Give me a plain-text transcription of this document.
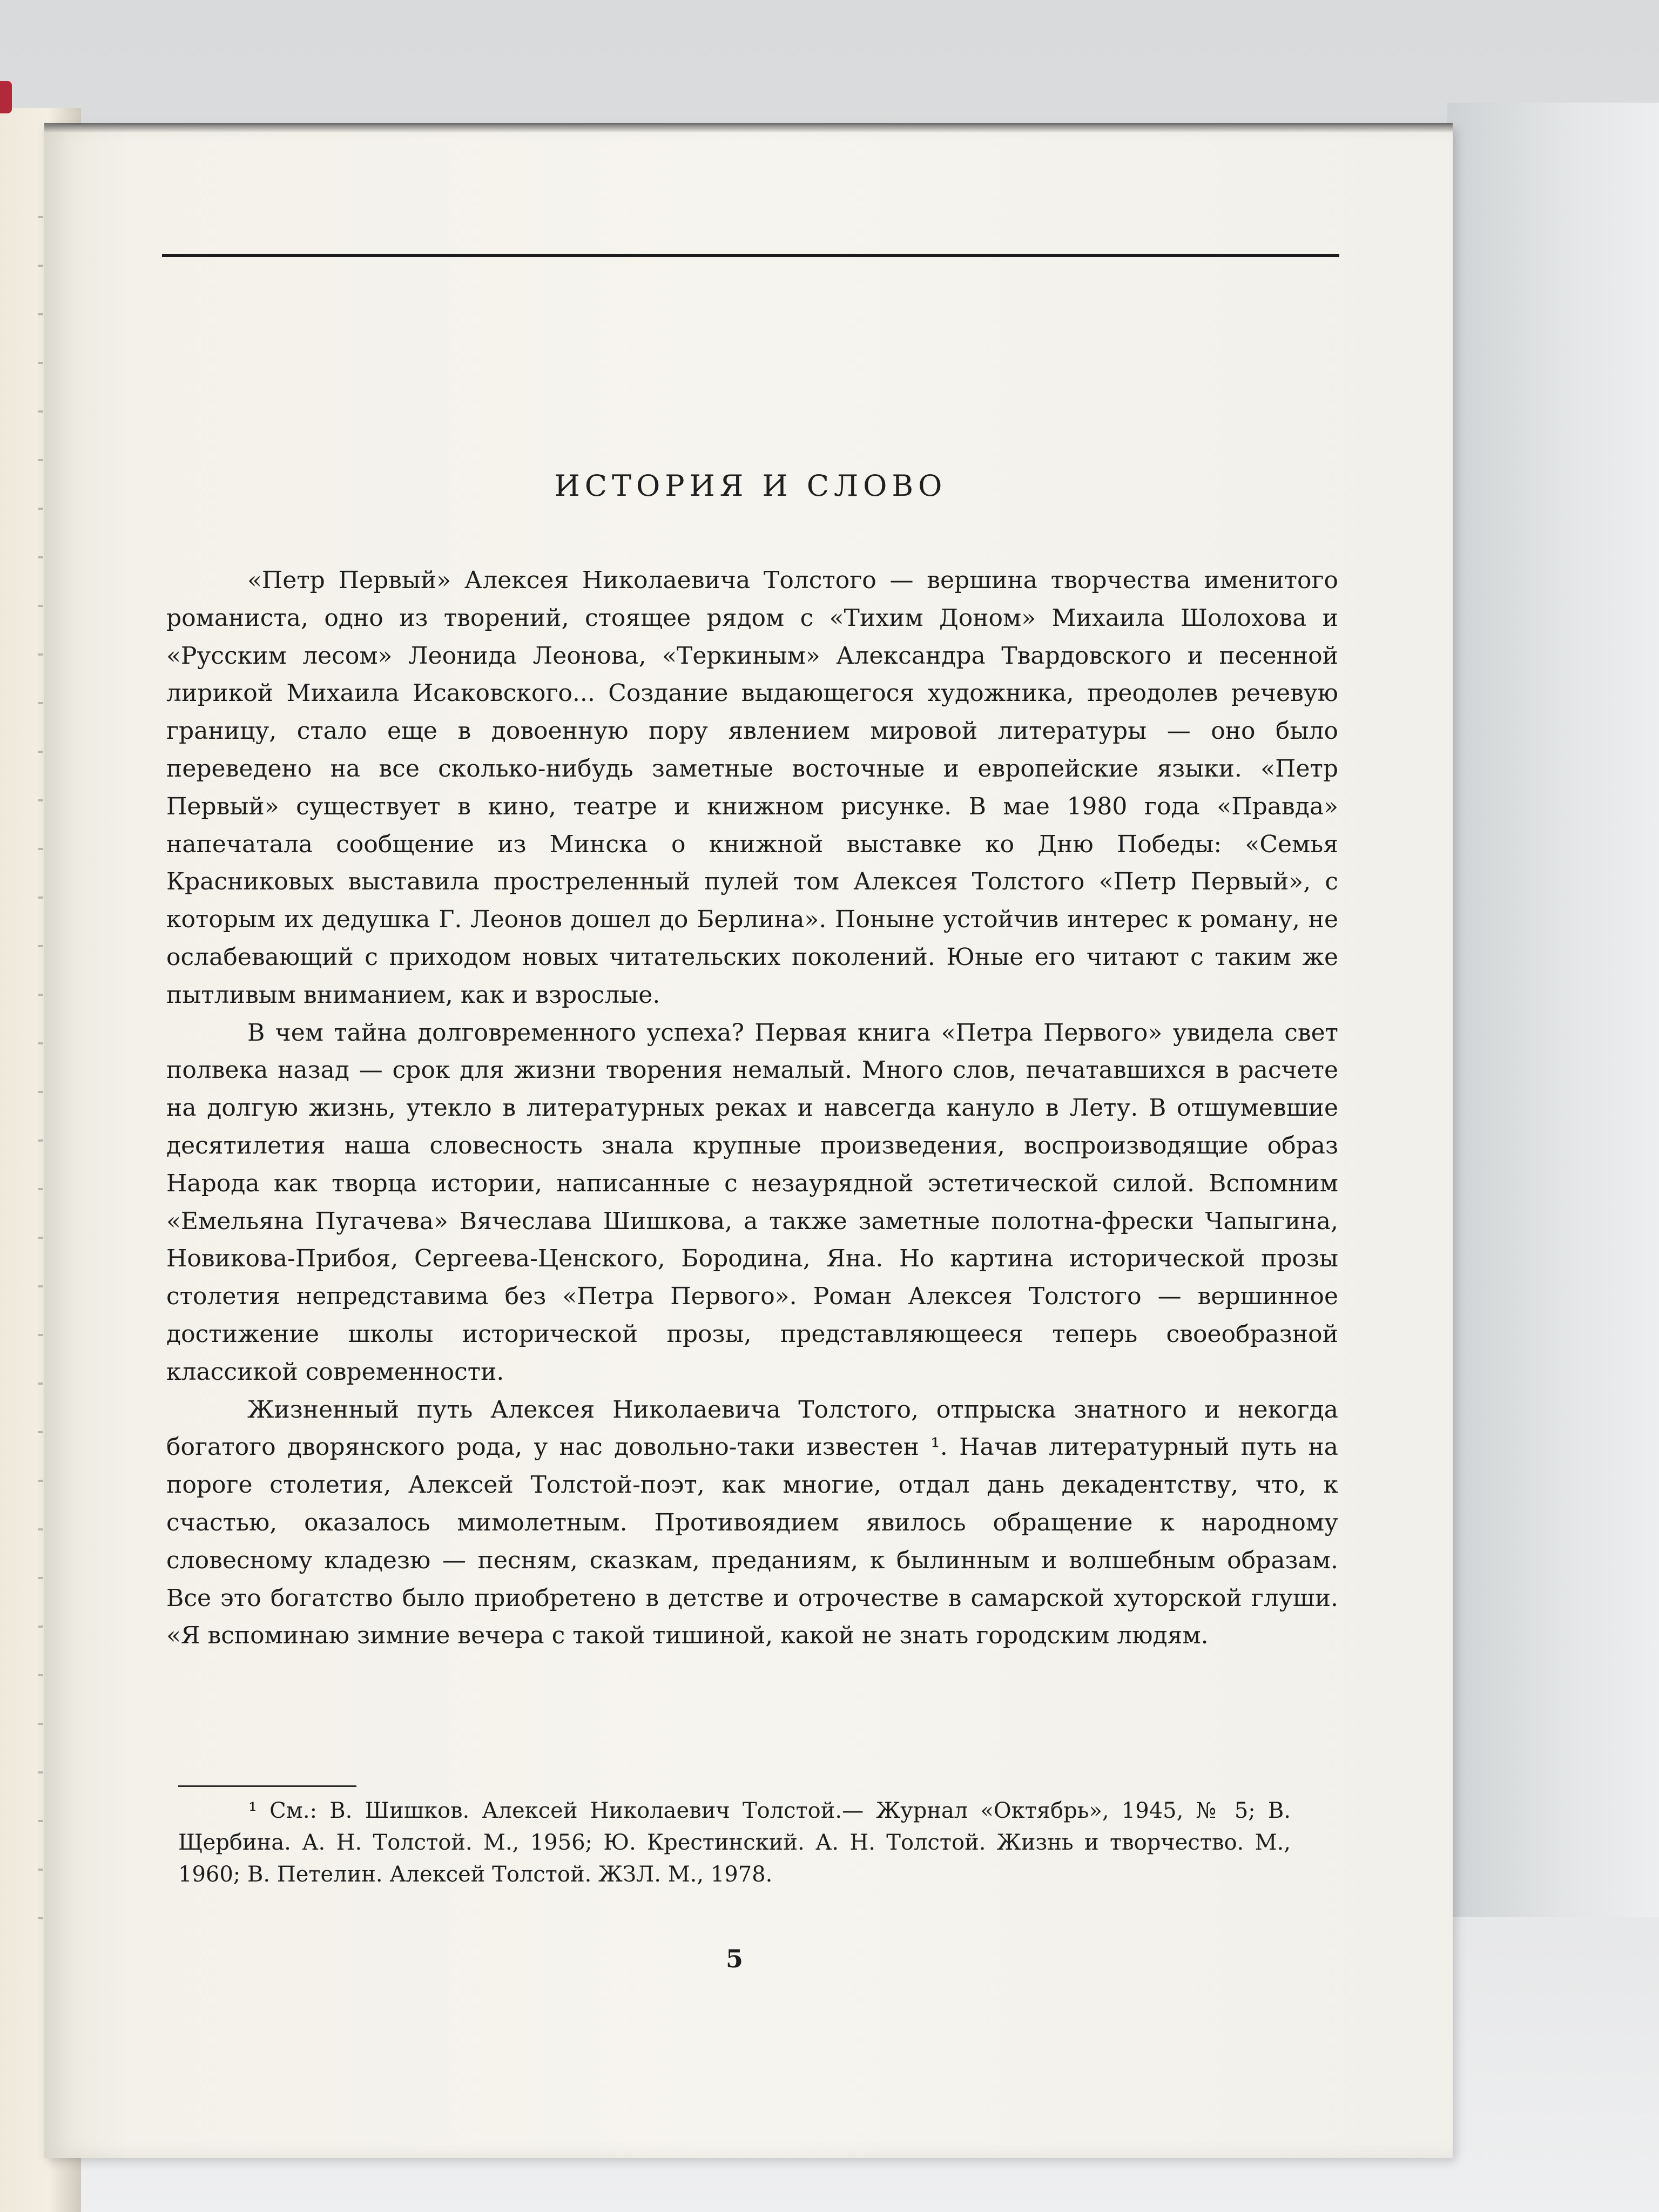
ИСТОРИЯ И СЛОВО

«Петр Первый» Алексея Николаевича Толстого — вершина творчества именитого романиста, одно из творений, стоящее рядом с «Тихим Доном» Михаила Шолохова и «Русским лесом» Леонида Леонова, «Теркиным» Александра Твардовского и песенной лирикой Михаила Исаковского... Создание выдающегося художника, преодолев речевую границу, стало еще в довоенную пору явлением мировой литературы — оно было переведено на все сколько-нибудь заметные восточные и европейские языки. «Петр Первый» существует в кино, театре и книжном рисунке. В мае 1980 года «Правда» напечатала сообщение из Минска о книжной выставке ко Дню Победы: «Семья Красниковых выставила простреленный пулей том Алексея Толстого «Петр Первый», с которым их дедушка Г. Леонов дошел до Берлина». Поныне устойчив интерес к роману, не ослабевающий с приходом новых читательских поколений. Юные его читают с таким же пытливым вниманием, как и взрослые.

В чем тайна долговременного успеха? Первая книга «Петра Первого» увидела свет полвека назад — срок для жизни творения немалый. Много слов, печатавшихся в расчете на долгую жизнь, утекло в литературных реках и навсегда кануло в Лету. В отшумевшие десятилетия наша словесность знала крупные произведения, воспроизводящие образ Народа как творца истории, написанные с незаурядной эстетической силой. Вспомним «Емельяна Пугачева» Вячеслава Шишкова, а также заметные полотна-фрески Чапыгина, Новикова-Прибоя, Сергеева-Ценского, Бородина, Яна. Но картина исторической прозы столетия непредставима без «Петра Первого». Роман Алексея Толстого — вершинное достижение школы исторической прозы, представляющееся теперь своеобразной классикой современности.

Жизненный путь Алексея Николаевича Толстого, отпрыска знатного и некогда богатого дворянского рода, у нас довольно-таки известен ¹. Начав литературный путь на пороге столетия, Алексей Толстой-поэт, как многие, отдал дань декадентству, что, к счастью, оказалось мимолетным. Противоядием явилось обращение к народному словесному кладезю — песням, сказкам, преданиям, к былинным и волшебным образам. Все это богатство было приобретено в детстве и отрочестве в самарской хуторской глуши. «Я вспоминаю зимние вечера с такой тишиной, какой не знать городским людям.

¹ См.: В. Шишков. Алексей Николаевич Толстой.— Журнал «Октябрь», 1945, № 5; В. Щербина. А. Н. Толстой. М., 1956; Ю. Крестинский. А. Н. Толстой. Жизнь и творчество. М., 1960; В. Петелин. Алексей Толстой. ЖЗЛ. М., 1978.
5
